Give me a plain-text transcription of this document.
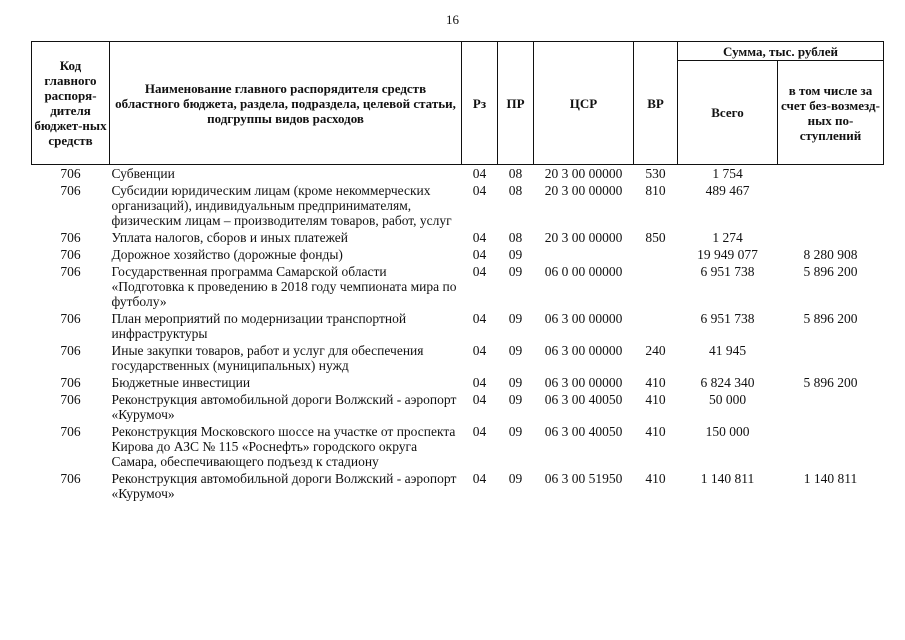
16
Код главного распоря-дителя бюджет-ных средств	Наименование главного распорядителя средств областного бюджета, раздела, подраздела, целевой статьи, подгруппы видов расходов	Рз	ПР	ЦСР	ВР	Сумма, тыс. рублей	
						Всего	в том числе за счет без-возмезд-ных по-ступлений
706	Субвенции	04	08	20 3 00 00000	530	1 754	
706	Субсидии юридическим лицам (кроме некоммерческих организаций), индивидуальным предпринимателям, физическим лицам – производителям товаров, работ, услуг	04	08	20 3 00 00000	810	489 467	
706	Уплата налогов, сборов и иных платежей	04	08	20 3 00 00000	850	1 274	
706	Дорожное хозяйство (дорожные фонды)	04	09			19 949 077	8 280 908
706	Государственная программа Самарской области «Подготовка к проведению в 2018 году чемпионата мира по футболу»	04	09	06 0 00 00000		6 951 738	5 896 200
706	План мероприятий по модернизации транспортной инфраструктуры	04	09	06 3 00 00000		6 951 738	5 896 200
706	Иные закупки товаров, работ и услуг для обеспечения государственных (муниципальных) нужд	04	09	06 3 00 00000	240	41 945	
706	Бюджетные инвестиции	04	09	06 3 00 00000	410	6 824 340	5 896 200
706	Реконструкция автомобильной дороги Волжский - аэропорт «Курумоч»	04	09	06 3 00 40050	410	50 000	
706	Реконструкция Московского шоссе на участке от проспекта Кирова до АЗС № 115 «Роснефть» городского округа Самара, обеспечивающего подъезд к стадиону	04	09	06 3 00 40050	410	150 000	
706	Реконструкция автомобильной дороги Волжский - аэропорт «Курумоч»	04	09	06 3 00 51950	410	1 140 811	1 140 811
